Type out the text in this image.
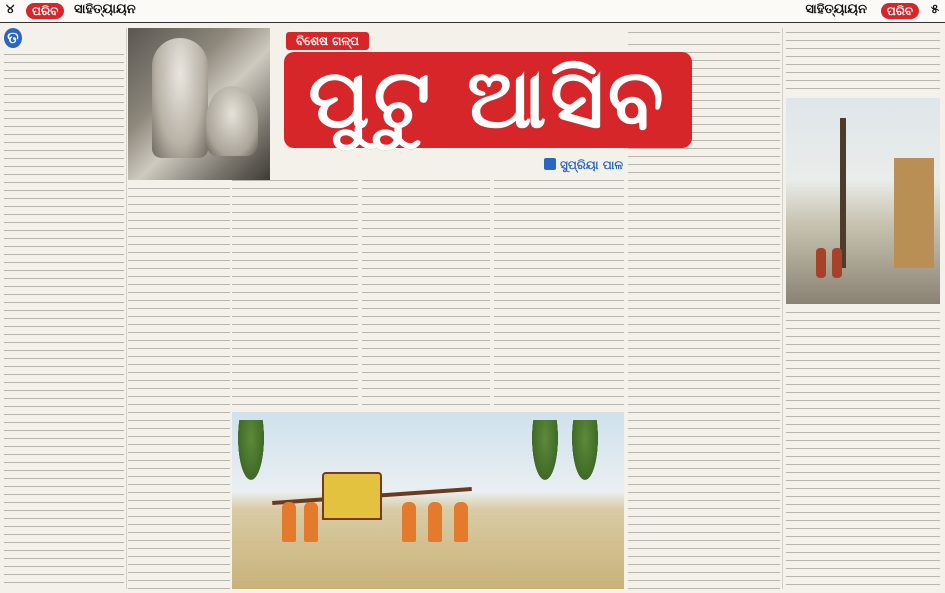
୪	ପରିବ	ସାହିତ୍ୟାୟନ	ସାହିତ୍ୟାୟନ	ପରିବ	୫
ତ	ବିଶେଷ ଗଳ୍ପ
ପୁଟୁ ଆସିବ
ସୁପ୍ରିୟା ପାଳ
